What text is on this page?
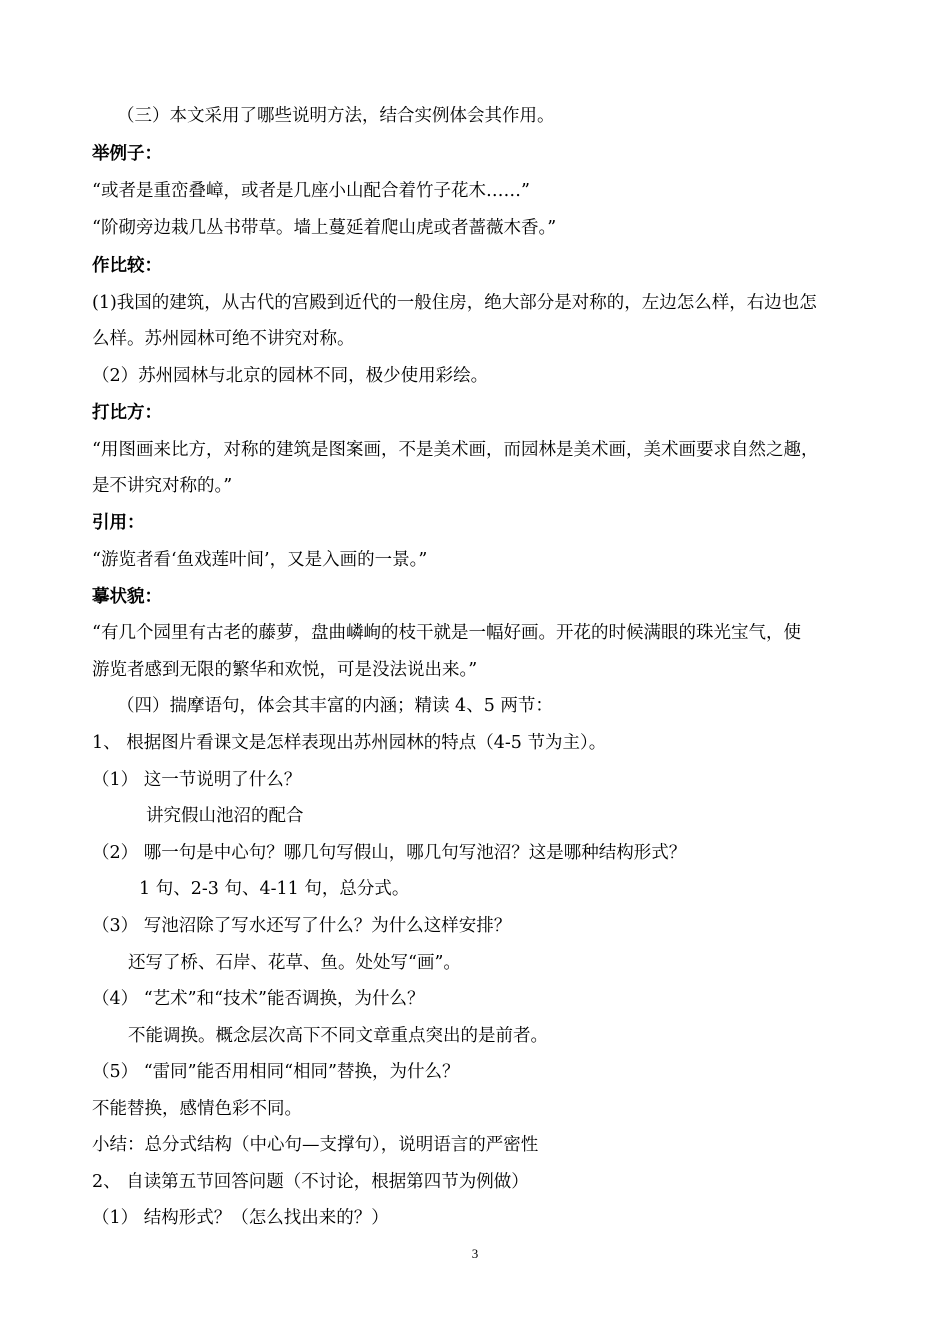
（三）本文采用了哪些说明方法，结合实例体会其作用。
举例子：
“或者是重峦叠嶂，或者是几座小山配合着竹子花木……”
“阶砌旁边栽几丛书带草。墙上蔓延着爬山虎或者蔷薇木香。”
作比较：
(1)我国的建筑，从古代的宫殿到近代的一般住房，绝大部分是对称的，左边怎么样，右边也怎
么样。苏州园林可绝不讲究对称。
（2）苏州园林与北京的园林不同，极少使用彩绘。
打比方：
“用图画来比方，对称的建筑是图案画，不是美术画，而园林是美术画，美术画要求自然之趣，
是不讲究对称的。”
引用：
“游览者看‘鱼戏莲叶间’，又是入画的一景。”
摹状貌：
“有几个园里有古老的藤萝，盘曲嶙峋的枝干就是一幅好画。开花的时候满眼的珠光宝气，使
游览者感到无限的繁华和欢悦，可是没法说出来。”
（四）揣摩语句，体会其丰富的内涵；精读 4、5 两节：
1、 根据图片看课文是怎样表现出苏州园林的特点（4-5 节为主）。
（1） 这一节说明了什么？
讲究假山池沼的配合
（2） 哪一句是中心句？哪几句写假山，哪几句写池沼？这是哪种结构形式？
1 句、2-3 句、4-11 句，总分式。
（3） 写池沼除了写水还写了什么？为什么这样安排？
还写了桥、石岸、花草、鱼。处处写“画”。
（4） “艺术”和“技术”能否调换，为什么？
不能调换。概念层次高下不同文章重点突出的是前者。
（5） “雷同”能否用相同“相同”替换，为什么？
不能替换，感情色彩不同。
小结：总分式结构（中心句—支撑句），说明语言的严密性
2、 自读第五节回答问题（不讨论，根据第四节为例做）
（1） 结构形式？（怎么找出来的？）
3
